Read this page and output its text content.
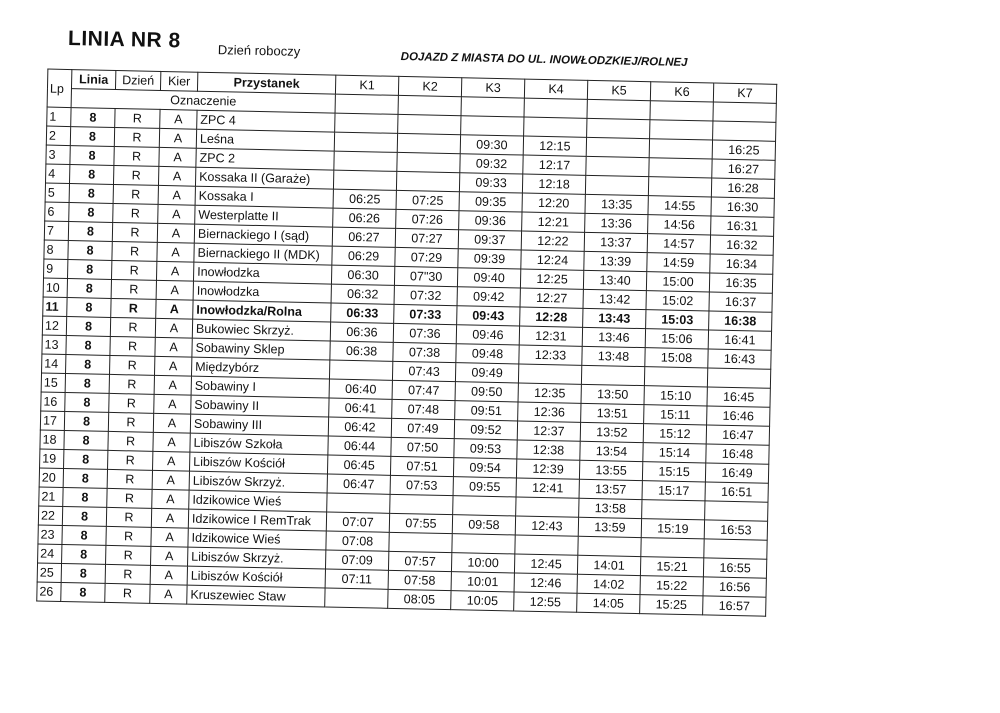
LINIA NR 8	Dzień roboczy
DOJAZD Z MIASTA DO UL. INOWŁODZKIEJ/ROLNEJ
Lp	Linia	Dzień	Kier	Przystanek	K1	K2	K3	K4	K5	K6	K7
	Oznaczenie										
1	8	R	A	ZPC 4							
2	8	R	A	Leśna			09:30	12:15			16:25
3	8	R	A	ZPC 2			09:32	12:17			16:27
4	8	R	A	Kossaka II (Garaże)			09:33	12:18			16:28
5	8	R	A	Kossaka I	06:25	07:25	09:35	12:20	13:35	14:55	16:30
6	8	R	A	Westerplatte II	06:26	07:26	09:36	12:21	13:36	14:56	16:31
7	8	R	A	Biernackiego I (sąd)	06:27	07:27	09:37	12:22	13:37	14:57	16:32
8	8	R	A	Biernackiego II (MDK)	06:29	07:29	09:39	12:24	13:39	14:59	16:34
9	8	R	A	Inowłodzka	06:30	07"30	09:40	12:25	13:40	15:00	16:35
10	8	R	A	Inowłodzka	06:32	07:32	09:42	12:27	13:42	15:02	16:37
11	8	R	A	Inowłodzka/Rolna	06:33	07:33	09:43	12:28	13:43	15:03	16:38
12	8	R	A	Bukowiec Skrzyż.	06:36	07:36	09:46	12:31	13:46	15:06	16:41
13	8	R	A	Sobawiny Sklep	06:38	07:38	09:48	12:33	13:48	15:08	16:43
14	8	R	A	Międzybórz		07:43	09:49				
15	8	R	A	Sobawiny I	06:40	07:47	09:50	12:35	13:50	15:10	16:45
16	8	R	A	Sobawiny II	06:41	07:48	09:51	12:36	13:51	15:11	16:46
17	8	R	A	Sobawiny III	06:42	07:49	09:52	12:37	13:52	15:12	16:47
18	8	R	A	Libiszów Szkoła	06:44	07:50	09:53	12:38	13:54	15:14	16:48
19	8	R	A	Libiszów Kościół	06:45	07:51	09:54	12:39	13:55	15:15	16:49
20	8	R	A	Libiszów Skrzyż.	06:47	07:53	09:55	12:41	13:57	15:17	16:51
21	8	R	A	Idzikowice Wieś					13:58		
22	8	R	A	Idzikowice I RemTrak	07:07	07:55	09:58	12:43	13:59	15:19	16:53
23	8	R	A	Idzikowice Wieś	07:08						
24	8	R	A	Libiszów Skrzyż.	07:09	07:57	10:00	12:45	14:01	15:21	16:55
25	8	R	A	Libiszów Kościół	07:11	07:58	10:01	12:46	14:02	15:22	16:56
26	8	R	A	Kruszewiec Staw		08:05	10:05	12:55	14:05	15:25	16:57
